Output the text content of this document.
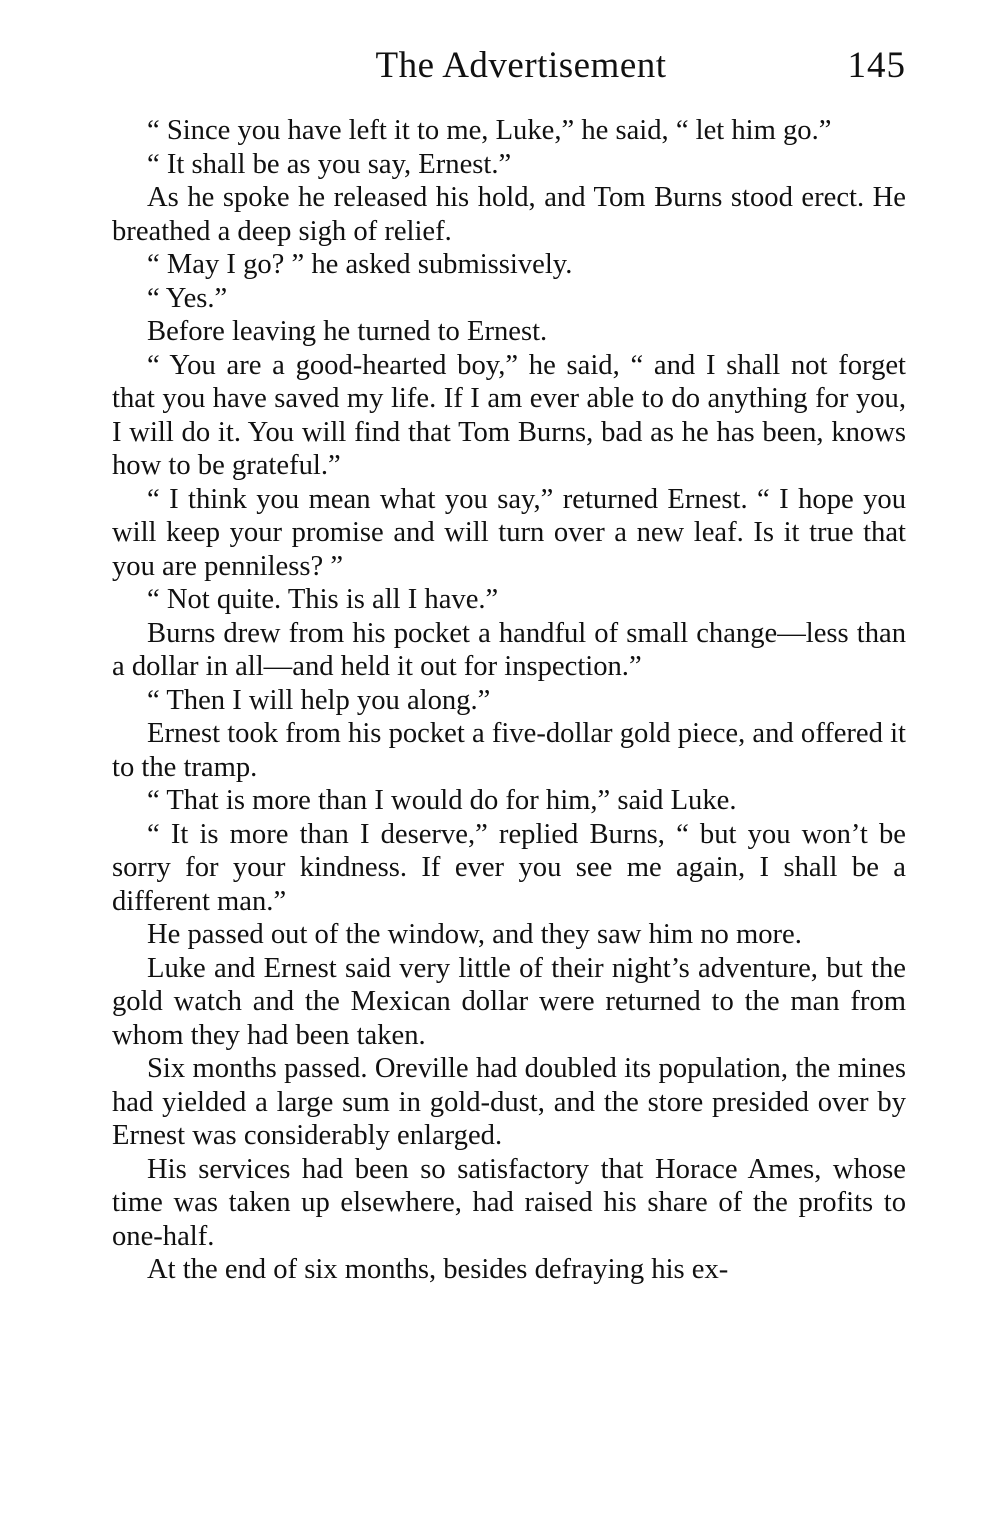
The Advertisement	145

“ Since you have left it to me, Luke,” he said, “ let him go.”

“ It shall be as you say, Ernest.”

As he spoke he released his hold, and Tom Burns stood erect. He breathed a deep sigh of relief.

“ May I go? ” he asked submissively.

“ Yes.”

Before leaving he turned to Ernest.

“ You are a good-hearted boy,” he said, “ and I shall not forget that you have saved my life. If I am ever able to do anything for you, I will do it. You will find that Tom Burns, bad as he has been, knows how to be grateful.”

“ I think you mean what you say,” returned Ernest. “ I hope you will keep your promise and will turn over a new leaf. Is it true that you are penniless? ”

“ Not quite. This is all I have.”

Burns drew from his pocket a handful of small change—less than a dollar in all—and held it out for inspection.”

“ Then I will help you along.”

Ernest took from his pocket a five-dollar gold piece, and offered it to the tramp.

“ That is more than I would do for him,” said Luke.

“ It is more than I deserve,” replied Burns, “ but you won’t be sorry for your kindness. If ever you see me again, I shall be a different man.”

He passed out of the window, and they saw him no more.

Luke and Ernest said very little of their night’s adventure, but the gold watch and the Mexican dollar were returned to the man from whom they had been taken.

Six months passed. Oreville had doubled its population, the mines had yielded a large sum in gold-dust, and the store presided over by Ernest was considerably enlarged.

His services had been so satisfactory that Horace Ames, whose time was taken up elsewhere, had raised his share of the profits to one-half.

At the end of six months, besides defraying his ex-
